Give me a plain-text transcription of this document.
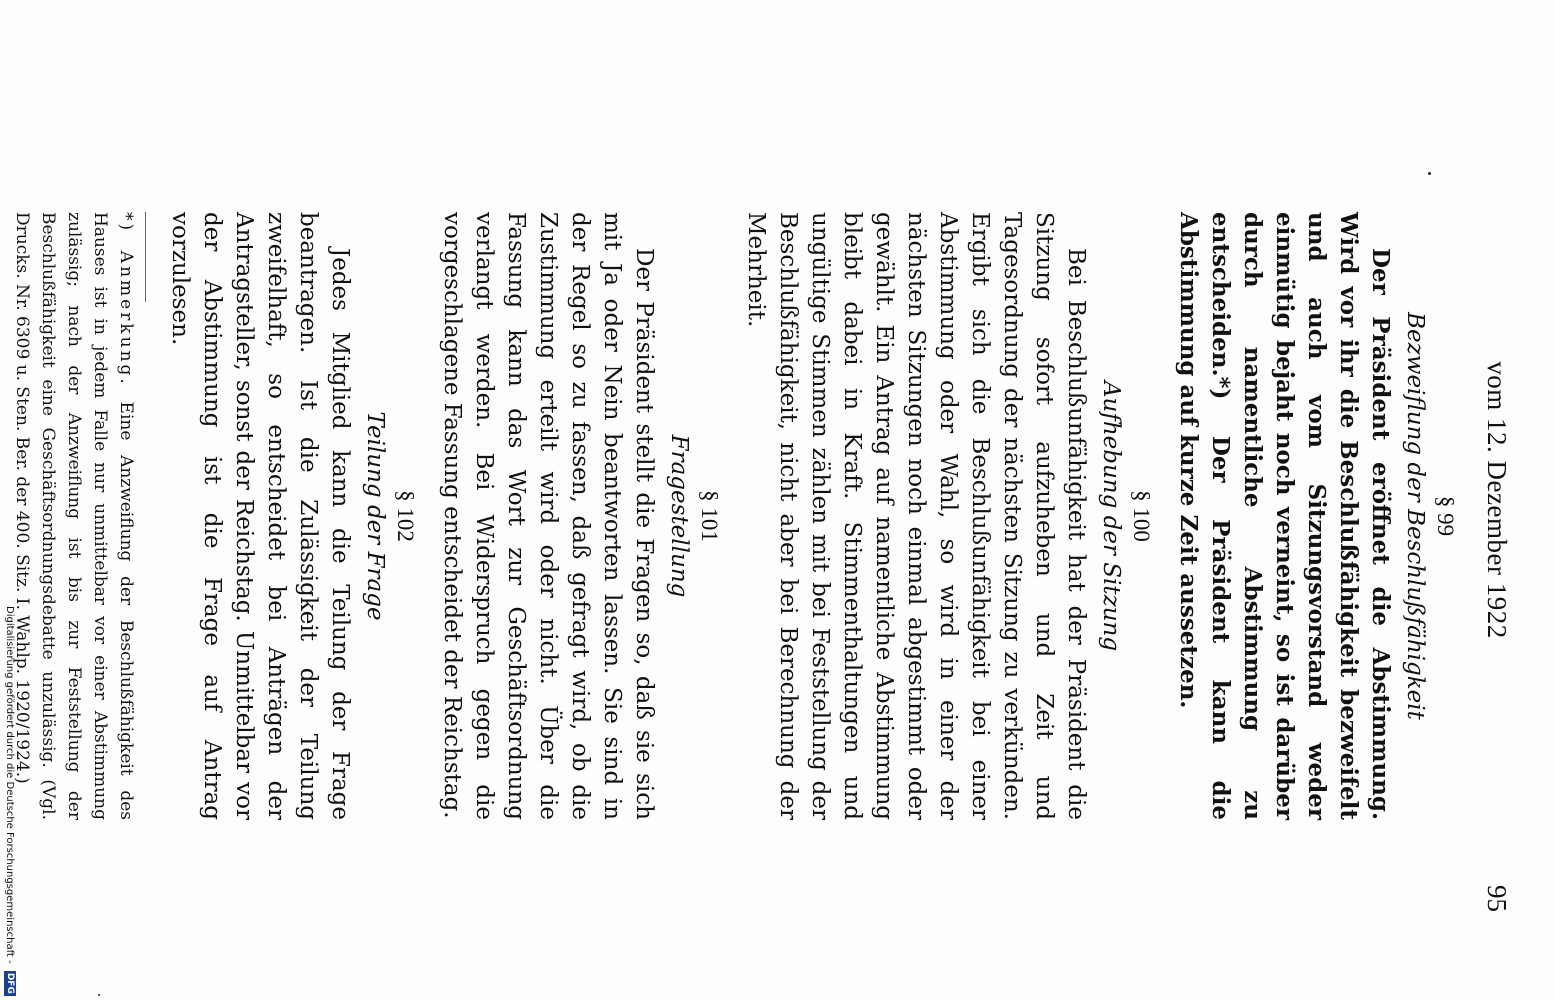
vom 12. Dezember 1922
95
§ 99
Bezweiflung der Beschlußfähigkeit

Der Präsident eröffnet die Abstimmung. Wird vor ihr die Beschlußfähigkeit bezweifelt und auch vom Sitzungsvorstand weder einmütig bejaht noch verneint, so ist darüber durch namentliche Abstimmung zu entscheiden.*) Der Präsident kann die Abstimmung auf kurze Zeit aussetzen.

§ 100
Aufhebung der Sitzung

Bei Beschlußunfähigkeit hat der Präsident die Sitzung sofort aufzuheben und Zeit und Tagesordnung der nächsten Sitzung zu verkünden. Ergibt sich die Beschlußunfähigkeit bei einer Abstimmung oder Wahl, so wird in einer der nächsten Sitzungen noch einmal abgestimmt oder gewählt. Ein Antrag auf namentliche Abstimmung bleibt dabei in Kraft. Stimmenthaltungen und ungültige Stimmen zählen mit bei Feststellung der Beschlußfähigkeit, nicht aber bei Berechnung der Mehrheit.

§ 101
Fragestellung

Der Präsident stellt die Fragen so, daß sie sich mit Ja oder Nein beantworten lassen. Sie sind in der Regel so zu fassen, daß gefragt wird, ob die Zustimmung erteilt wird oder nicht. Über die Fassung kann das Wort zur Geschäftsordnung verlangt werden. Bei Widerspruch gegen die vorgeschlagene Fassung entscheidet der Reichstag.

§ 102
Teilung der Frage

Jedes Mitglied kann die Teilung der Frage beantragen. Ist die Zulässigkeit der Teilung zweifelhaft, so entscheidet bei Anträgen der Antragsteller, sonst der Reichstag. Unmittelbar vor der Abstimmung ist die Frage auf Antrag vorzulesen.

*) Anmerkung. Eine Anzweiflung der Beschlußfähigkeit des Hauses ist in jedem Falle nur unmittelbar vor einer Abstimmung zulässig; nach der Anzweiflung ist bis zur Feststellung der Beschlußfähigkeit eine Geschäftsordnungsdebatte unzulässig. (Vgl. Drucks. Nr. 6309 u. Sten. Ber. der 400. Sitz. I. Wahlp. 1920/1924.)

Digitalisierung gefördert durch die Deutsche Forschungsgemeinschaft - DFG
